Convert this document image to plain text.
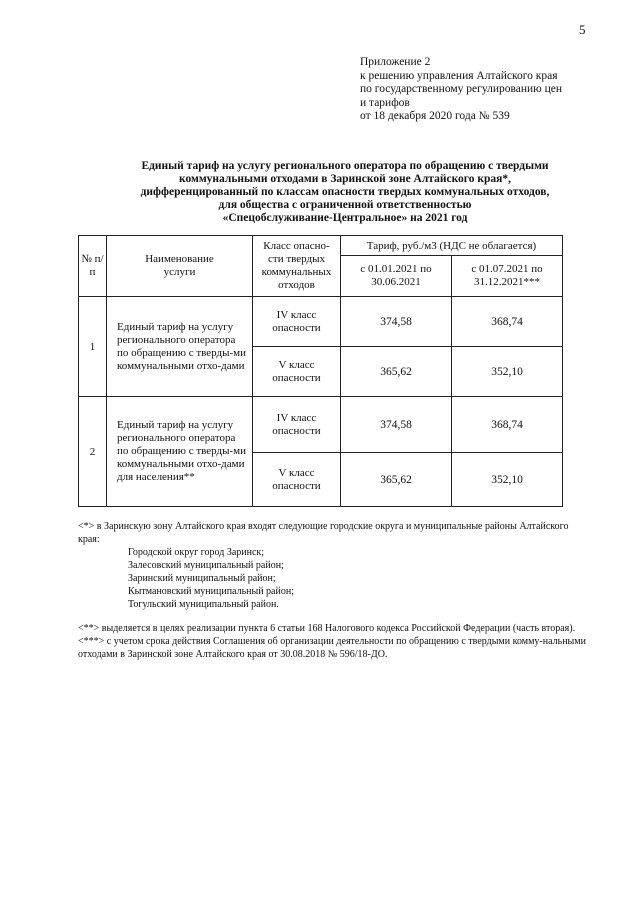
5
Приложение 2
к решению управления Алтайского края
по государственному регулированию цен
и тарифов
от 18 декабря 2020 года № 539
Единый тариф на услугу регионального оператора по обращению с твердыми
коммунальными отходами в Заринской зоне Алтайского края*,
дифференцированный по классам опасности твердых коммунальных отходов,
для общества с ограниченной ответственностью
«Спецобслуживание-Центральное» на 2021 год
№ п/п	Наименование услуги	Класс опасно-сти твердых коммунальных отходов	Тариф, руб./м3 (НДС не облагается)	
			с 01.01.2021 по 30.06.2021	с 01.07.2021 по 31.12.2021***
1	Единый тариф на услугу регионального оператора по обращению с тверды-ми коммунальными отхо-дами	IV класс опасности	374,58	368,74
		V класс опасности	365,62	352,10
2	Единый тариф на услугу регионального оператора по обращению с тверды-ми коммунальными отхо-дами для населения**	IV класс опасности	374,58	368,74
		V класс опасности	365,62	352,10

<*> в Заринскую зону Алтайского края входят следующие городские округа и муниципальные районы Алтайского края:

Городской округ город Заринск;

Залесовский муниципальный район;

Заринский муниципальный район;

Кытмановский муниципальный район;

Тогульский муниципальный район.

<**> выделяется в целях реализации пункта 6 статьи 168 Налогового кодекса Российской Федерации (часть вторая).

<***> с учетом срока действия Соглашения об организации деятельности по обращению с твердыми комму-нальными отходами в Заринской зоне Алтайского края от 30.08.2018 № 596/18-ДО.
